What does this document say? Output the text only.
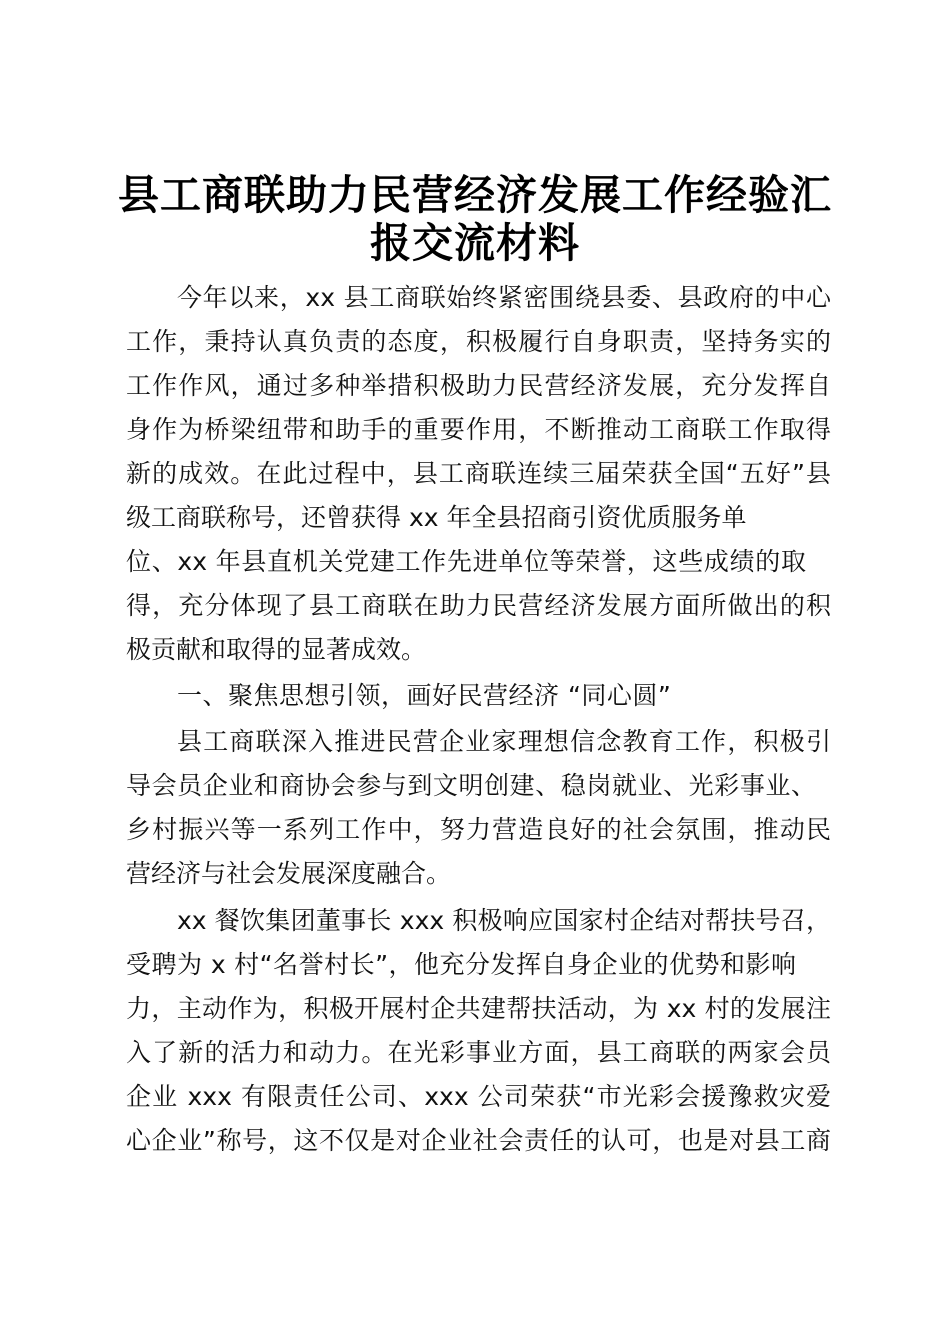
县工商联助力民营经济发展工作经验汇
报交流材料
今年以来，xx 县工商联始终紧密围绕县委、县政府的中心
工作，秉持认真负责的态度，积极履行自身职责，坚持务实的
工作作风，通过多种举措积极助力民营经济发展，充分发挥自
身作为桥梁纽带和助手的重要作用，不断推动工商联工作取得
新的成效。在此过程中，县工商联连续三届荣获全国“五好”县
级工商联称号，还曾获得 xx 年全县招商引资优质服务单
位、xx 年县直机关党建工作先进单位等荣誉，这些成绩的取
得，充分体现了县工商联在助力民营经济发展方面所做出的积
极贡献和取得的显著成效。
一、聚焦思想引领，画好民营经济 “同心圆”
县工商联深入推进民营企业家理想信念教育工作，积极引
导会员企业和商协会参与到文明创建、稳岗就业、光彩事业、
乡村振兴等一系列工作中，努力营造良好的社会氛围，推动民
营经济与社会发展深度融合。
xx 餐饮集团董事长 xxx 积极响应国家村企结对帮扶号召，
受聘为 x 村“名誉村长”，他充分发挥自身企业的优势和影响
力，主动作为，积极开展村企共建帮扶活动，为 xx 村的发展注
入了新的活力和动力。在光彩事业方面，县工商联的两家会员
企业 xxx 有限责任公司、xxx 公司荣获“市光彩会援豫救灾爱
心企业”称号，这不仅是对企业社会责任的认可，也是对县工商
